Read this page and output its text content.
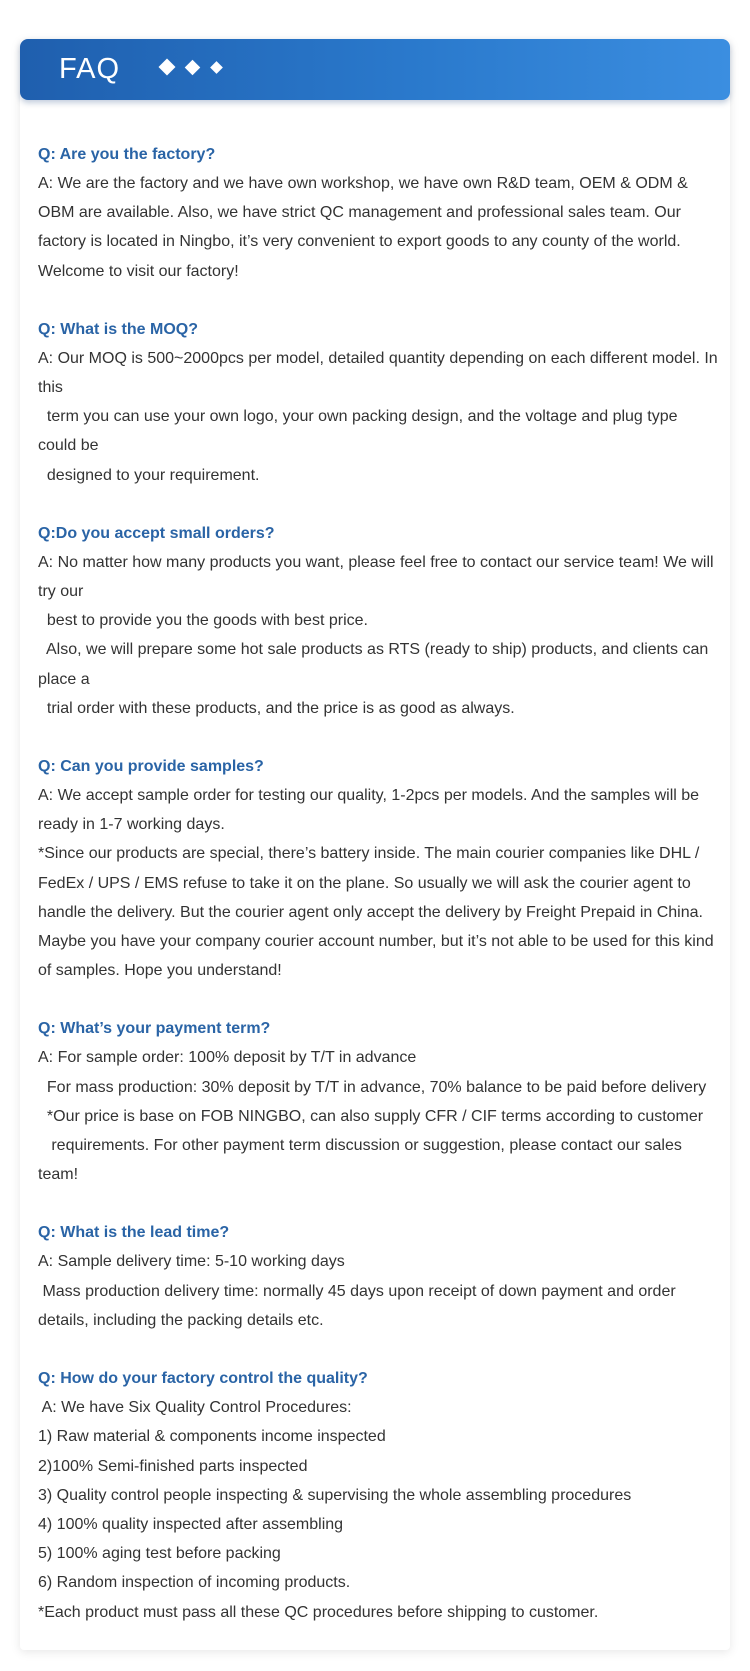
FAQ
Q: Are you the factory?
A: We are the factory and we have own workshop, we have own R&D team, OEM & ODM &
OBM are available. Also, we have strict QC management and professional sales team. Our
factory is located in Ningbo, it’s very convenient to export goods to any county of the world.
Welcome to visit our factory!
Q: What is the MOQ?
A: Our MOQ is 500~2000pcs per model, detailed quantity depending on each different model. In
this
term you can use your own logo, your own packing design, and the voltage and plug type
could be
designed to your requirement.
Q:Do you accept small orders?
A: No matter how many products you want, please feel free to contact our service team! We will
try our
best to provide you the goods with best price.
Also, we will prepare some hot sale products as RTS (ready to ship) products, and clients can
place a
trial order with these products, and the price is as good as always.
Q: Can you provide samples?
A: We accept sample order for testing our quality, 1-2pcs per models. And the samples will be
ready in 1-7 working days.
*Since our products are special, there’s battery inside. The main courier companies like DHL /
FedEx / UPS / EMS refuse to take it on the plane. So usually we will ask the courier agent to
handle the delivery. But the courier agent only accept the delivery by Freight Prepaid in China.
Maybe you have your company courier account number, but it’s not able to be used for this kind
of samples. Hope you understand!
Q: What’s your payment term?
A: For sample order: 100% deposit by T/T in advance
For mass production: 30% deposit by T/T in advance, 70% balance to be paid before delivery
*Our price is base on FOB NINGBO, can also supply CFR / CIF terms according to customer
requirements. For other payment term discussion or suggestion, please contact our sales
team!
Q: What is the lead time?
A: Sample delivery time: 5-10 working days
Mass production delivery time: normally 45 days upon receipt of down payment and order
details, including the packing details etc.
Q: How do your factory control the quality?
A: We have Six Quality Control Procedures:
1) Raw material & components income inspected
2)100% Semi-finished parts inspected
3) Quality control people inspecting & supervising the whole assembling procedures
4) 100% quality inspected after assembling
5) 100% aging test before packing
6) Random inspection of incoming products.
*Each product must pass all these QC procedures before shipping to customer.
